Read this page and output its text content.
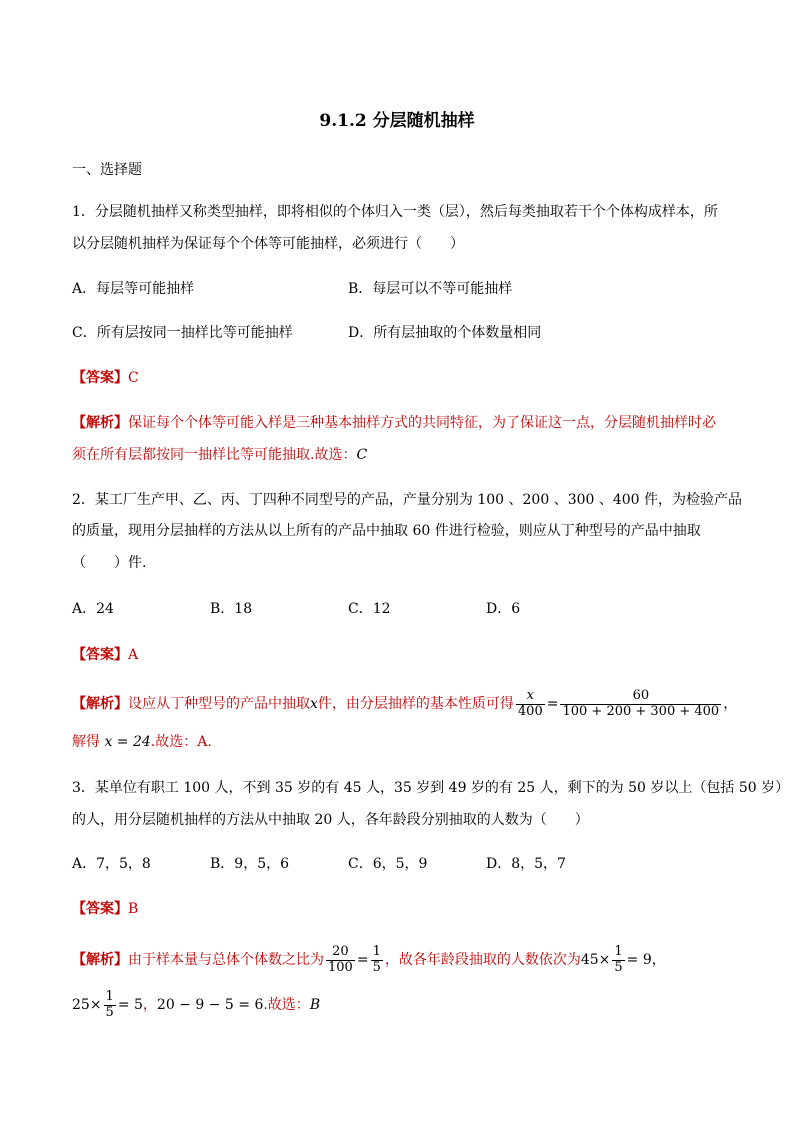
9.1.2 分层随机抽样
一、选择题
1．分层随机抽样又称类型抽样，即将相似的个体归入一类（层），然后每类抽取若干个个体构成样本，所
以分层随机抽样为保证每个个体等可能抽样，必须进行（　　）
A．每层等可能抽样	B．每层可以不等可能抽样
C．所有层按同一抽样比等可能抽样	D．所有层抽取的个体数量相同
【答案】C
【解析】保证每个个体等可能入样是三种基本抽样方式的共同特征，为了保证这一点，分层随机抽样时必
须在所有层都按同一抽样比等可能抽取.故选：C
2．某工厂生产甲、乙、丙、丁四种不同型号的产品，产量分别为 100 、200 、300 、400 件，为检验产品
的质量，现用分层抽样的方法从以上所有的产品中抽取 60 件进行检验，则应从丁种型号的产品中抽取
（　　）件.
A．24	B．18	C．12	D．6
【答案】A
【解析】设应从丁种型号的产品中抽取x件，由分层抽样的基本性质可得 $\frac{x}{400} = \frac{60}{100 + 200 + 300 + 400}$ ，
解得 x = 24.故选：A.
3．某单位有职工 100 人，不到 35 岁的有 45 人，35 岁到 49 岁的有 25 人，剩下的为 50 岁以上（包括 50 岁）
的人，用分层随机抽样的方法从中抽取 20 人，各年龄段分别抽取的人数为（　　）
A．7，5，8	B．9，5，6	C．6，5，9	D．8，5，7
【答案】B
【解析】由于样本量与总体个体数之比为 $\frac{20}{100} = \frac{1}{5}$ ，故各年龄段抽取的人数依次为$45\times \frac{1}{5} = 9$，
$25\times \frac{1}{5} = 5$，20 − 9 − 5 = 6.故选：B
